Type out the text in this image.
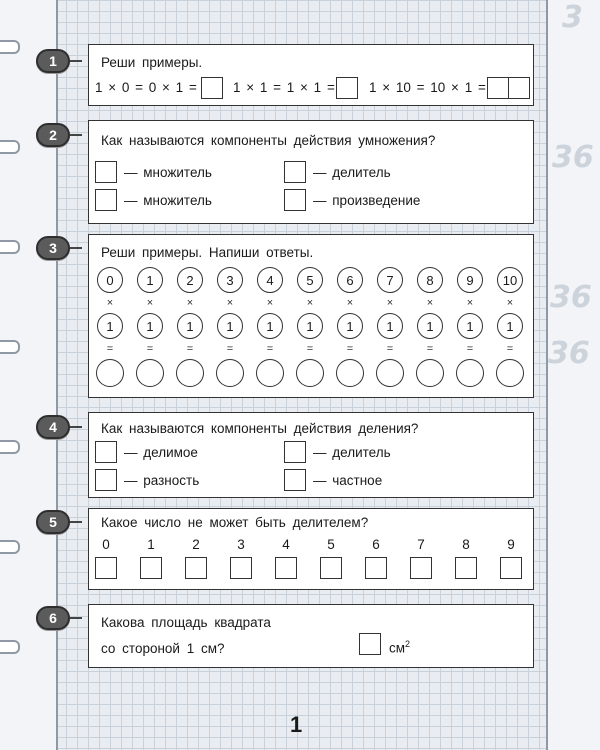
36
36
36
3
1	Реши примеры.
1 × 0 = 0 × 1 =	1 × 1 = 1 × 1 =	1 × 10 = 10 × 1 =
2	Как называются компоненты действия умножения?
— множитель	— делитель
— множитель	— произведение
3	Реши примеры. Напиши ответы.
0	1	2	3	4	5	6	7	8	9	10
×	×	×	×	×	×	×	×	×	×	×
1	1	1	1	1	1	1	1	1	1	1
=	=	=	=	=	=	=	=	=	=	=
4	Как называются компоненты действия деления?
— делимое	— делитель
— разность	— частное
5	Какое число не может быть делителем?
0	1	2	3	4	5	6	7	8	9
6	Какова площадь квадрата
со стороной 1 см?	$см^2$
1
